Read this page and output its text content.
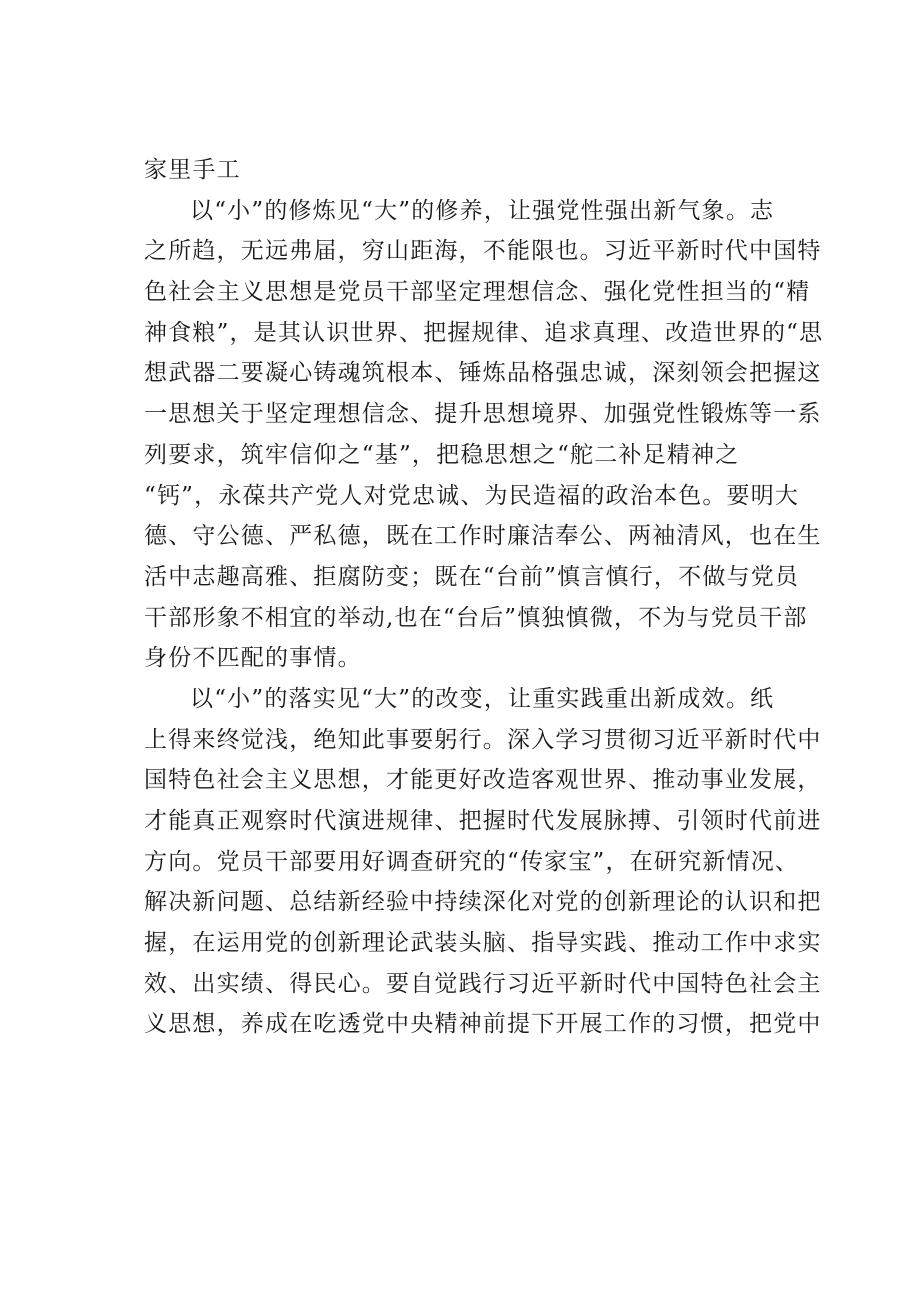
家里手工
以“小”的修炼见“大”的修养，让强党性强出新气象。志
之所趋，无远弗届，穷山距海，不能限也。习近平新时代中国特
色社会主义思想是党员干部坚定理想信念、强化党性担当的“精
神食粮”，是其认识世界、把握规律、追求真理、改造世界的“思
想武器二要凝心铸魂筑根本、锤炼品格强忠诚，深刻领会把握这
一思想关于坚定理想信念、提升思想境界、加强党性锻炼等一系
列要求，筑牢信仰之“基”，把稳思想之“舵二补足精神之
“钙”，永葆共产党人对党忠诚、为民造福的政治本色。要明大
德、守公德、严私德，既在工作时廉洁奉公、两袖清风，也在生
活中志趣高雅、拒腐防变；既在“台前”慎言慎行，不做与党员
干部形象不相宜的举动,也在“台后”慎独慎微，不为与党员干部
身份不匹配的事情。
以“小”的落实见“大”的改变，让重实践重出新成效。纸
上得来终觉浅，绝知此事要躬行。深入学习贯彻习近平新时代中
国特色社会主义思想，才能更好改造客观世界、推动事业发展，
才能真正观察时代演进规律、把握时代发展脉搏、引领时代前进
方向。党员干部要用好调查研究的“传家宝”，在研究新情况、
解决新问题、总结新经验中持续深化对党的创新理论的认识和把
握，在运用党的创新理论武装头脑、指导实践、推动工作中求实
效、出实绩、得民心。要自觉践行习近平新时代中国特色社会主
义思想，养成在吃透党中央精神前提下开展工作的习惯，把党中
